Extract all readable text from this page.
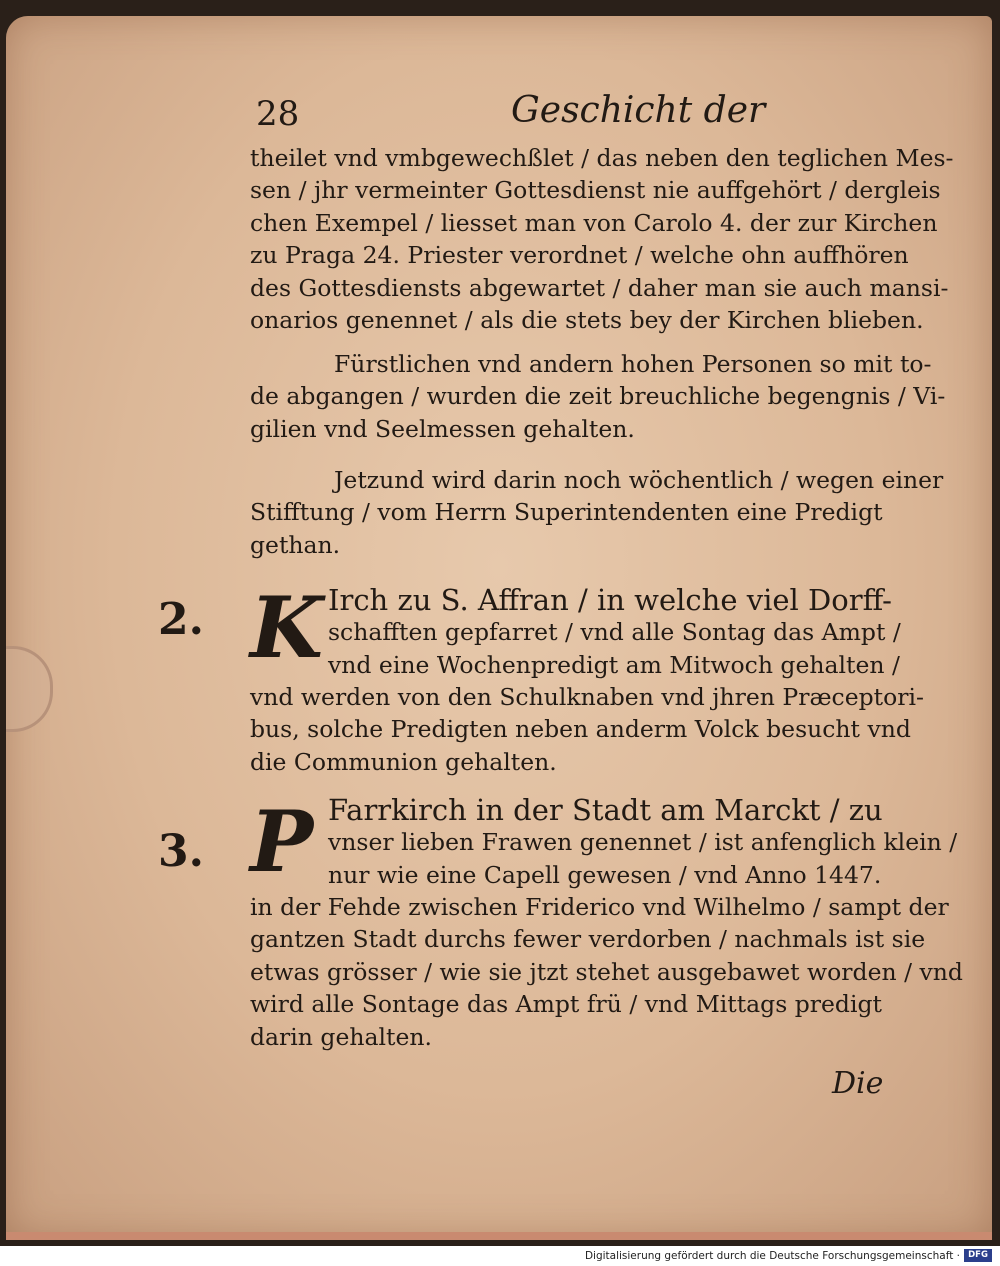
28	Geschicht der
theilet vnd vmbgewechßlet / das neben den teglichen Mes-
sen / jhr vermeinter Gottesdienst nie auffgehört / dergleis
chen Exempel / liesset man von Carolo 4. der zur Kirchen
zu Praga 24. Priester verordnet / welche ohn auffhören
des Gottesdiensts abgewartet / daher man sie auch mansi-
onarios genennet / als die stets bey der Kirchen blieben.
Fürstlichen vnd andern hohen Personen so mit to-
de abgangen / wurden die zeit breuchliche begengnis / Vi-
gilien vnd Seelmessen gehalten.
Jetzund wird darin noch wöchentlich / wegen einer
Stifftung / vom Herrn Superintendenten eine Predigt
gethan.
2. K Irch zu S. Affran / in welche viel Dorff-
schafften gepfarret / vnd alle Sontag das Ampt /
vnd eine Wochenpredigt am Mitwoch gehalten /
vnd werden von den Schulknaben vnd jhren Præceptori-
bus, solche Predigten neben anderm Volck besucht vnd
die Communion gehalten.
3. P Farrkirch in der Stadt am Marckt / zu
vnser lieben Frawen genennet / ist anfenglich klein /
nur wie eine Capell gewesen / vnd Anno 1447.
in der Fehde zwischen Friderico vnd Wilhelmo / sampt der
gantzen Stadt durchs fewer verdorben / nachmals ist sie
etwas grösser / wie sie jtzt stehet ausgebawet worden / vnd
wird alle Sontage das Ampt frü / vnd Mittags predigt
darin gehalten.
Die
Digitalisierung gefördert durch die Deutsche Forschungsgemeinschaft · DFG
